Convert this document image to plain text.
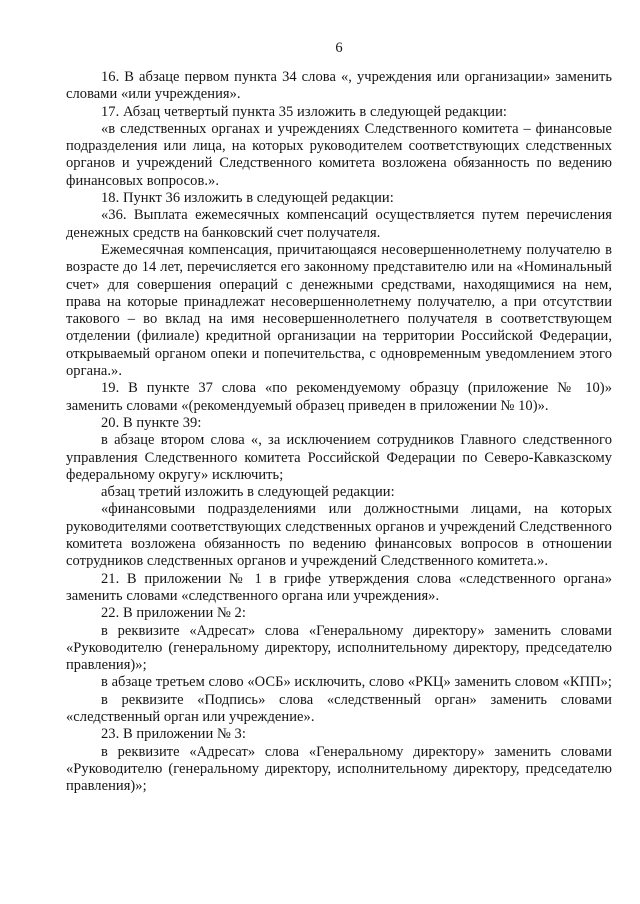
6

16. В абзаце первом пункта 34 слова «, учреждения или организации» заменить словами «или учреждения».

17. Абзац четвертый пункта 35 изложить в следующей редакции:

«в следственных органах и учреждениях Следственного комитета – финансовые подразделения или лица, на которых руководителем соответствующих следственных органов и учреждений Следственного комитета возложена обязанность по ведению финансовых вопросов.».

18. Пункт 36 изложить в следующей редакции:

«36. Выплата ежемесячных компенсаций осуществляется путем перечисления денежных средств на банковский счет получателя.

Ежемесячная компенсация, причитающаяся несовершеннолетнему получателю в возрасте до 14 лет, перечисляется его законному представителю или на «Номинальный счет» для совершения операций с денежными средствами, находящимися на нем, права на которые принадлежат несовершеннолетнему получателю, а при отсутствии такового – во вклад на имя несовершеннолетнего получателя в соответствующем отделении (филиале) кредитной организации на территории Российской Федерации, открываемый органом опеки и попечительства, с одновременным уведомлением этого органа.».

19. В пункте 37 слова «по рекомендуемому образцу (приложение № 10)» заменить словами «(рекомендуемый образец приведен в приложении № 10)».

20. В пункте 39:

в абзаце втором слова «, за исключением сотрудников Главного следственного управления Следственного комитета Российской Федерации по Северо-Кавказскому федеральному округу» исключить;

абзац третий изложить в следующей редакции:

«финансовыми подразделениями или должностными лицами, на которых руководителями соответствующих следственных органов и учреждений Следственного комитета возложена обязанность по ведению финансовых вопросов в отношении сотрудников следственных органов и учреждений Следственного комитета.».

21. В приложении № 1 в грифе утверждения слова «следственного органа» заменить словами «следственного органа или учреждения».

22. В приложении № 2:

в реквизите «Адресат» слова «Генеральному директору» заменить словами «Руководителю (генеральному директору, исполнительному директору, председателю правления)»;

в абзаце третьем слово «ОСБ» исключить, слово «РКЦ» заменить словом «КПП»;

в реквизите «Подпись» слова «следственный орган» заменить словами «следственный орган или учреждение».

23. В приложении № 3:

в реквизите «Адресат» слова «Генеральному директору» заменить словами «Руководителю (генеральному директору, исполнительному директору, председателю правления)»;
